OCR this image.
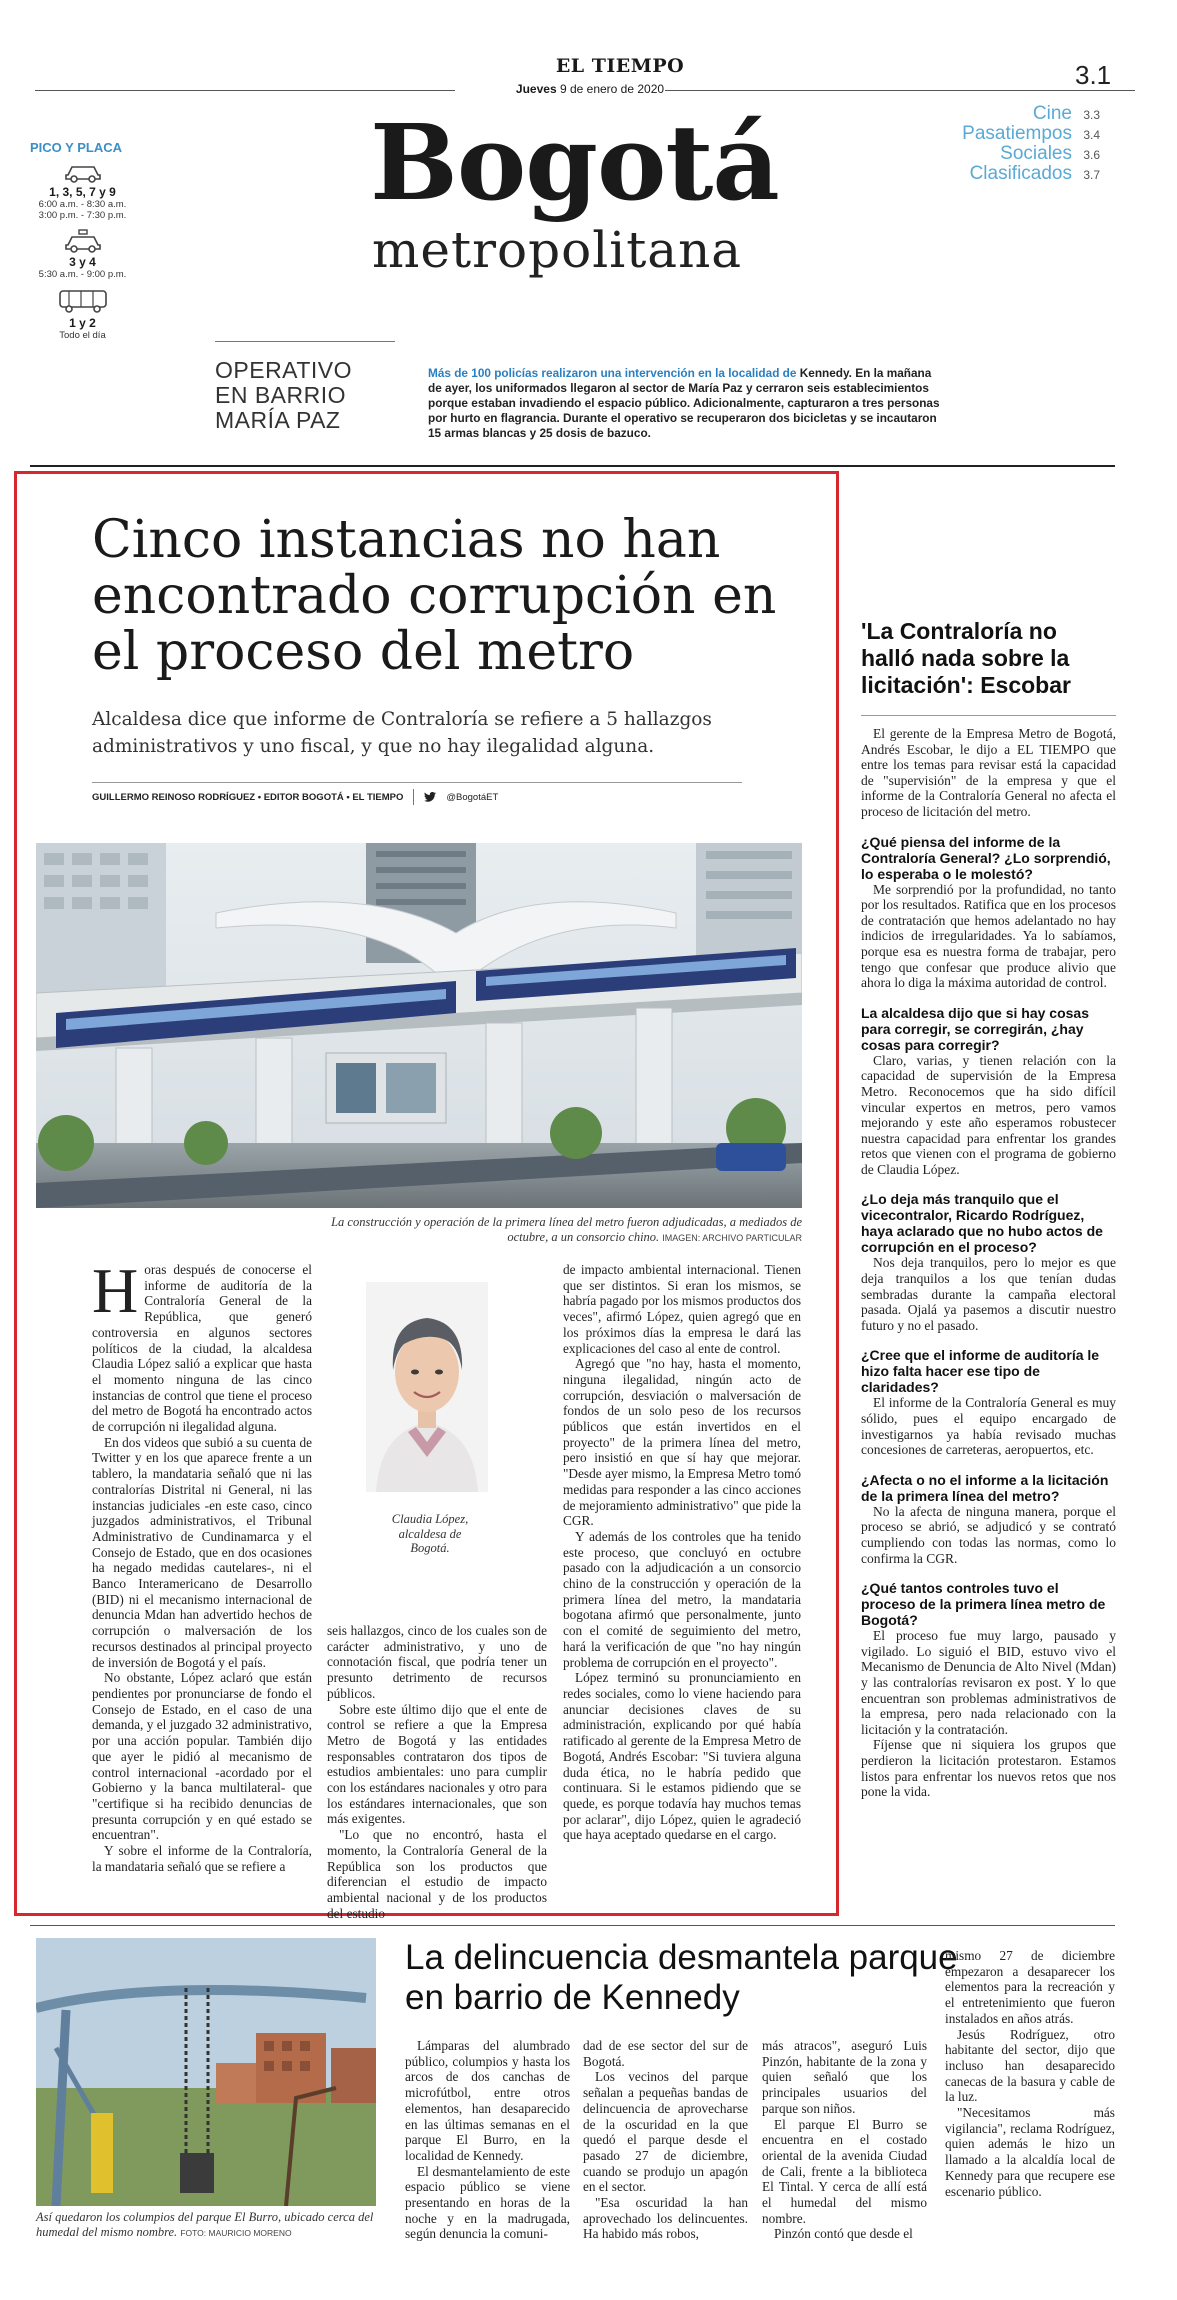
EL TIEMPO
Jueves 9 de enero de 2020	3.1
Bogotá
metropolitana
Cine 3.3
Pasatiempos 3.4
Sociales 3.6
Clasificados 3.7
PICO Y PLACA
1, 3, 5, 7 y 9
6:00 a.m. - 8:30 a.m.
3:00 p.m. - 7:30 p.m.
3 y 4
5:30 a.m. - 9:00 p.m.
1 y 2
Todo el día
OPERATIVO
EN BARRIO
MARÍA PAZ
Más de 100 policías realizaron una intervención en la localidad de Kennedy. En la mañana de ayer, los uniformados llegaron al sector de María Paz y cerraron seis establecimientos porque estaban invadiendo el espacio público. Adicionalmente, capturaron a tres personas por hurto en flagrancia. Durante el operativo se recuperaron dos bicicletas y se incautaron 15 armas blancas y 25 dosis de bazuco.
Cinco instancias no han encontrado corrupción en el proceso del metro
Alcaldesa dice que informe de Contraloría se refiere a 5 hallazgos administrativos y uno fiscal, y que no hay ilegalidad alguna.
GUILLERMO REINOSO RODRÍGUEZ • EDITOR BOGOTÁ • EL TIEMPO	@BogotáET
La construcción y operación de la primera línea del metro fueron adjudicadas, a mediados de octubre, a un consorcio chino. IMAGEN: ARCHIVO PARTICULAR

Horas después de conocerse el informe de auditoría de la Contraloría General de la República, que generó controversia en algunos sectores políticos de la ciudad, la alcaldesa Claudia López salió a explicar que hasta el momento ninguna de las cinco instancias de control que tiene el proceso del metro de Bogotá ha encontrado actos de corrupción ni ilegalidad alguna.

En dos videos que subió a su cuenta de Twitter y en los que aparece frente a un tablero, la mandataria señaló que ni las contralorías Distrital ni General, ni las instancias judiciales -en este caso, cinco juzgados administrativos, el Tribunal Administrativo de Cundinamarca y el Consejo de Estado, que en dos ocasiones ha negado medidas cautelares-, ni el Banco Interamericano de Desarrollo (BID) ni el mecanismo internacional de denuncia Mdan han advertido hechos de corrupción o malversación de los recursos destinados al principal proyecto de inversión de Bogotá y el país.

No obstante, López aclaró que están pendientes por pronunciarse de fondo el Consejo de Estado, en el caso de una demanda, y el juzgado 32 administrativo, por una acción popular. También dijo que ayer le pidió al mecanismo de control internacional -acordado por el Gobierno y la banca multilateral- que "certifique si ha recibido denuncias de presunta corrupción y en qué estado se encuentran".

Y sobre el informe de la Contraloría, la mandataria señaló que se refiere a

Claudia López, alcaldesa de Bogotá.

seis hallazgos, cinco de los cuales son de carácter administrativo, y uno de connotación fiscal, que podría tener un presunto detrimento de recursos públicos.

Sobre este último dijo que el ente de control se refiere a que la Empresa Metro de Bogotá y las entidades responsables contrataron dos tipos de estudios ambientales: uno para cumplir con los estándares nacionales y otro para los estándares internacionales, que son más exigentes.

"Lo que no encontró, hasta el momento, la Contraloría General de la República son los productos que diferencian el estudio de impacto ambiental nacional y de los productos del estudio

de impacto ambiental internacional. Tienen que ser distintos. Si eran los mismos, se habría pagado por los mismos productos dos veces", afirmó López, quien agregó que en los próximos días la empresa le dará las explicaciones del caso al ente de control.

Agregó que "no hay, hasta el momento, ninguna ilegalidad, ningún acto de corrupción, desviación o malversación de fondos de un solo peso de los recursos públicos que están invertidos en el proyecto" de la primera línea del metro, pero insistió en que sí hay que mejorar. "Desde ayer mismo, la Empresa Metro tomó medidas para responder a las cinco acciones de mejoramiento administrativo" que pide la CGR.

Y además de los controles que ha tenido este proceso, que concluyó en octubre pasado con la adjudicación a un consorcio chino de la construcción y operación de la primera línea del metro, la mandataria bogotana afirmó que personalmente, junto con el comité de seguimiento del metro, hará la verificación de que "no hay ningún problema de corrupción en el proyecto".

López terminó su pronunciamiento en redes sociales, como lo viene haciendo para anunciar decisiones claves de su administración, explicando por qué había ratificado al gerente de la Empresa Metro de Bogotá, Andrés Escobar: "Si tuviera alguna duda ética, no le habría pedido que continuara. Si le estamos pidiendo que se quede, es porque todavía hay muchos temas por aclarar", dijo López, quien le agradeció que haya aceptado quedarse en el cargo.

'La Contraloría no halló nada sobre la licitación': Escobar
El gerente de la Empresa Metro de Bogotá, Andrés Escobar, le dijo a EL TIEMPO que entre los temas para revisar está la capacidad de "supervisión" de la empresa y que el informe de la Contraloría General no afecta el proceso de licitación del metro.
¿Qué piensa del informe de la Contraloría General? ¿Lo sorprendió, lo esperaba o le molestó?
Me sorprendió por la profundidad, no tanto por los resultados. Ratifica que en los procesos de contratación que hemos adelantado no hay indicios de irregularidades. Ya lo sabíamos, porque esa es nuestra forma de trabajar, pero tengo que confesar que produce alivio que ahora lo diga la máxima autoridad de control.
La alcaldesa dijo que si hay cosas para corregir, se corregirán, ¿hay cosas para corregir?
Claro, varias, y tienen relación con la capacidad de supervisión de la Empresa Metro. Reconocemos que ha sido difícil vincular expertos en metros, pero vamos mejorando y este año esperamos robustecer nuestra capacidad para enfrentar los grandes retos que vienen con el programa de gobierno de Claudia López.
¿Lo deja más tranquilo que el vicecontralor, Ricardo Rodríguez, haya aclarado que no hubo actos de corrupción en el proceso?
Nos deja tranquilos, pero lo mejor es que deja tranquilos a los que tenían dudas sembradas durante la campaña electoral pasada. Ojalá ya pasemos a discutir nuestro futuro y no el pasado.
¿Cree que el informe de auditoría le hizo falta hacer ese tipo de claridades?
El informe de la Contraloría General es muy sólido, pues el equipo encargado de investigarnos ya había revisado muchas concesiones de carreteras, aeropuertos, etc.
¿Afecta o no el informe a la licitación de la primera línea del metro?
No la afecta de ninguna manera, porque el proceso se abrió, se adjudicó y se contrató cumpliendo con todas las normas, como lo confirma la CGR.
¿Qué tantos controles tuvo el proceso de la primera línea metro de Bogotá?
El proceso fue muy largo, pausado y vigilado. Lo siguió el BID, estuvo vivo el Mecanismo de Denuncia de Alto Nivel (Mdan) y las contralorías revisaron ex post. Y lo que encuentran son problemas administrativos de la empresa, pero nada relacionado con la licitación y la contratación.
Fíjense que ni siquiera los grupos que perdieron la licitación protestaron. Estamos listos para enfrentar los nuevos retos que nos pone la vida.
Así quedaron los columpios del parque El Burro, ubicado cerca del humedal del mismo nombre. FOTO: MAURICIO MORENO
La delincuencia desmantela parque en barrio de Kennedy

Lámparas del alumbrado público, columpios y hasta los arcos de dos canchas de microfútbol, entre otros elementos, han desaparecido en las últimas semanas en el parque El Burro, en la localidad de Kennedy.

El desmantelamiento de este espacio público se viene presentando en horas de la noche y en la madrugada, según denuncia la comuni-

dad de ese sector del sur de Bogotá.

Los vecinos del parque señalan a pequeñas bandas de delincuencia de aprovecharse de la oscuridad en la que quedó el parque desde el pasado 27 de diciembre, cuando se produjo un apagón en el sector.

"Esa oscuridad la han aprovechado los delincuentes. Ha habido más robos,

más atracos", aseguró Luis Pinzón, habitante de la zona y quien señaló que los principales usuarios del parque son niños.

El parque El Burro se encuentra en el costado oriental de la avenida Ciudad de Cali, frente a la biblioteca El Tintal. Y cerca de allí está el humedal del mismo nombre.

Pinzón contó que desde el

mismo 27 de diciembre empezaron a desaparecer los elementos para la recreación y el entretenimiento que fueron instalados en años atrás.

Jesús Rodríguez, otro habitante del sector, dijo que incluso han desaparecido canecas de la basura y cable de la luz.

"Necesitamos más vigilancia", reclama Rodríguez, quien además le hizo un llamado a la alcaldía local de Kennedy para que recupere ese escenario público.
